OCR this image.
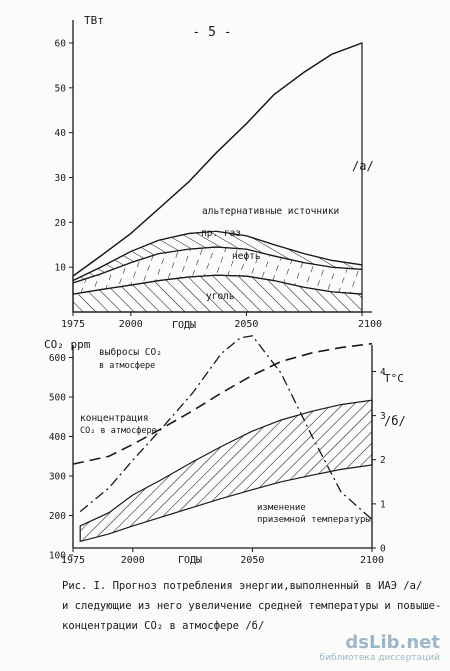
- 5 -
10
20
30
40
50
60
1975	2000	2050	2100
ТВт
ГОДЫ
/a/
альтернативные источники
пр. газ
нефть
уголь
100
200
300
400
500
600
0
1
2
3
4
1975	2000	2050	2100
CO₂ ppm
T°C
ГОДЫ
/б/
выбросы CO₂
в атмосфере
концентрация
CO₂ в атмосфере
изменение
приземной температуры
Рис. I. Прогноз потребления энергии,выполненный в ИАЭ /а/
и следующие из него увеличение средней температуры и повыше-
концентрации CO₂ в атмосфере /б/
dsLib.net
библиотека диссертаций
